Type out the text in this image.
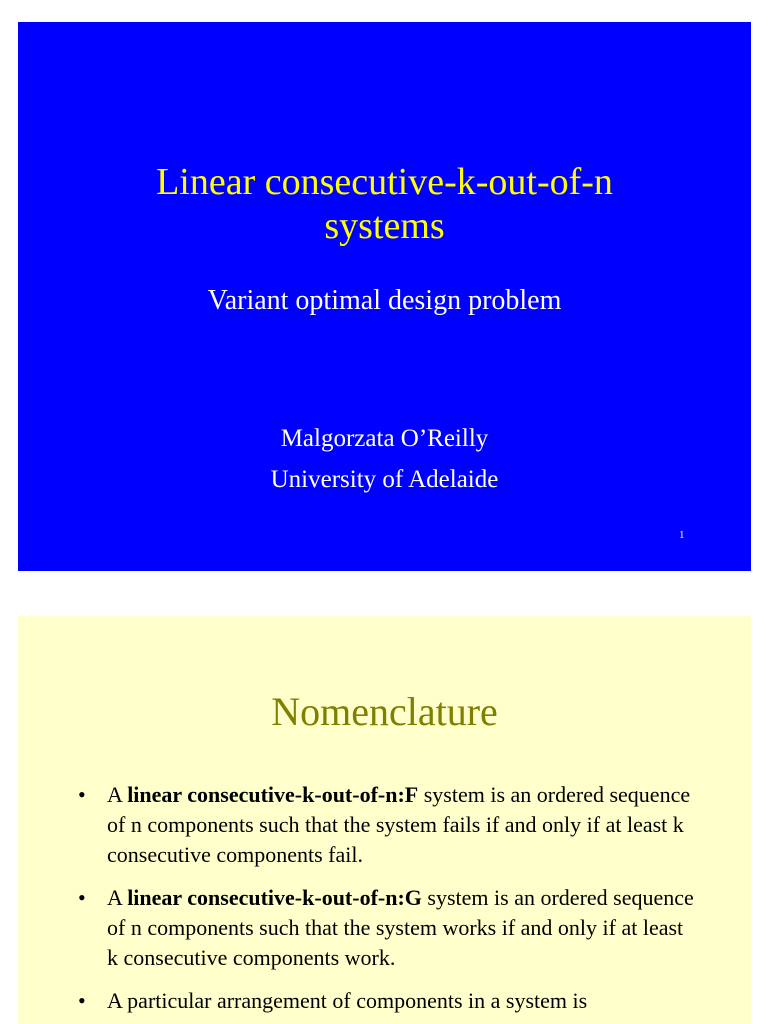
Linear consecutive-k-out-of-n
systems
Variant optimal design problem
Malgorzata O’Reilly
University of Adelaide
1
Nomenclature
• A linear consecutive-k-out-of-n:F system is an ordered sequence of n components such that the system fails if and only if at least k consecutive components fail.
• A linear consecutive-k-out-of-n:G system is an ordered sequence of n components such that the system works if and only if at least k consecutive components work.
• A particular arrangement of components in a system is
